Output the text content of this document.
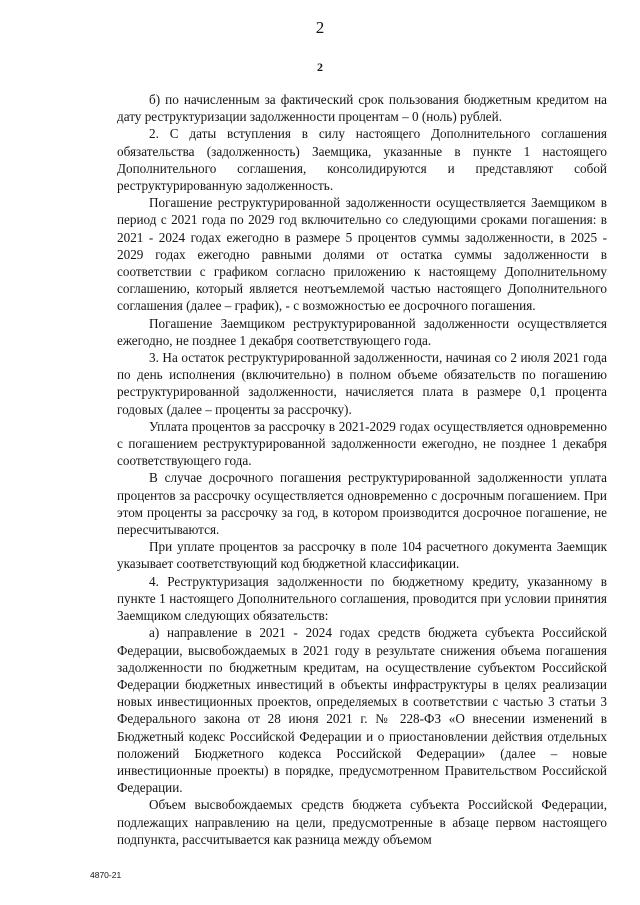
2
2

б) по начисленным за фактический срок пользования бюджетным кредитом на дату реструктуризации задолженности процентам – 0 (ноль) рублей.

2. С даты вступления в силу настоящего Дополнительного соглашения обязательства (задолженность) Заемщика, указанные в пункте 1 настоящего Дополнительного соглашения, консолидируются и представляют собой реструктурированную задолженность.

Погашение реструктурированной задолженности осуществляется Заемщиком в период с 2021 года по 2029 год включительно со следующими сроками погашения: в 2021 - 2024 годах ежегодно в размере 5 процентов суммы задолженности, в 2025 - 2029 годах ежегодно равными долями от остатка суммы задолженности в соответствии с графиком согласно приложению к настоящему Дополнительному соглашению, который является неотъемлемой частью настоящего Дополнительного соглашения (далее – график), - с возможностью ее досрочного погашения.

Погашение Заемщиком реструктурированной задолженности осуществляется ежегодно, не позднее 1 декабря соответствующего года.

3. На остаток реструктурированной задолженности, начиная со 2 июля 2021 года по день исполнения (включительно) в полном объеме обязательств по погашению реструктурированной задолженности, начисляется плата в размере 0,1 процента годовых (далее – проценты за рассрочку).

Уплата процентов за рассрочку в 2021-2029 годах осуществляется одновременно с погашением реструктурированной задолженности ежегодно, не позднее 1 декабря соответствующего года.

В случае досрочного погашения реструктурированной задолженности уплата процентов за рассрочку осуществляется одновременно с досрочным погашением. При этом проценты за рассрочку за год, в котором производится досрочное погашение, не пересчитываются.

При уплате процентов за рассрочку в поле 104 расчетного документа Заемщик указывает соответствующий код бюджетной классификации.

4. Реструктуризация задолженности по бюджетному кредиту, указанному в пункте 1 настоящего Дополнительного соглашения, проводится при условии принятия Заемщиком следующих обязательств:

а) направление в 2021 - 2024 годах средств бюджета субъекта Российской Федерации, высвобождаемых в 2021 году в результате снижения объема погашения задолженности по бюджетным кредитам, на осуществление субъектом Российской Федерации бюджетных инвестиций в объекты инфраструктуры в целях реализации новых инвестиционных проектов, определяемых в соответствии с частью 3 статьи 3 Федерального закона от 28 июня 2021 г. № 228-ФЗ «О внесении изменений в Бюджетный кодекс Российской Федерации и о приостановлении действия отдельных положений Бюджетного кодекса Российской Федерации» (далее – новые инвестиционные проекты) в порядке, предусмотренном Правительством Российской Федерации.

Объем высвобождаемых средств бюджета субъекта Российской Федерации, подлежащих направлению на цели, предусмотренные в абзаце первом настоящего подпункта, рассчитывается как разница между объемом

4870-21
